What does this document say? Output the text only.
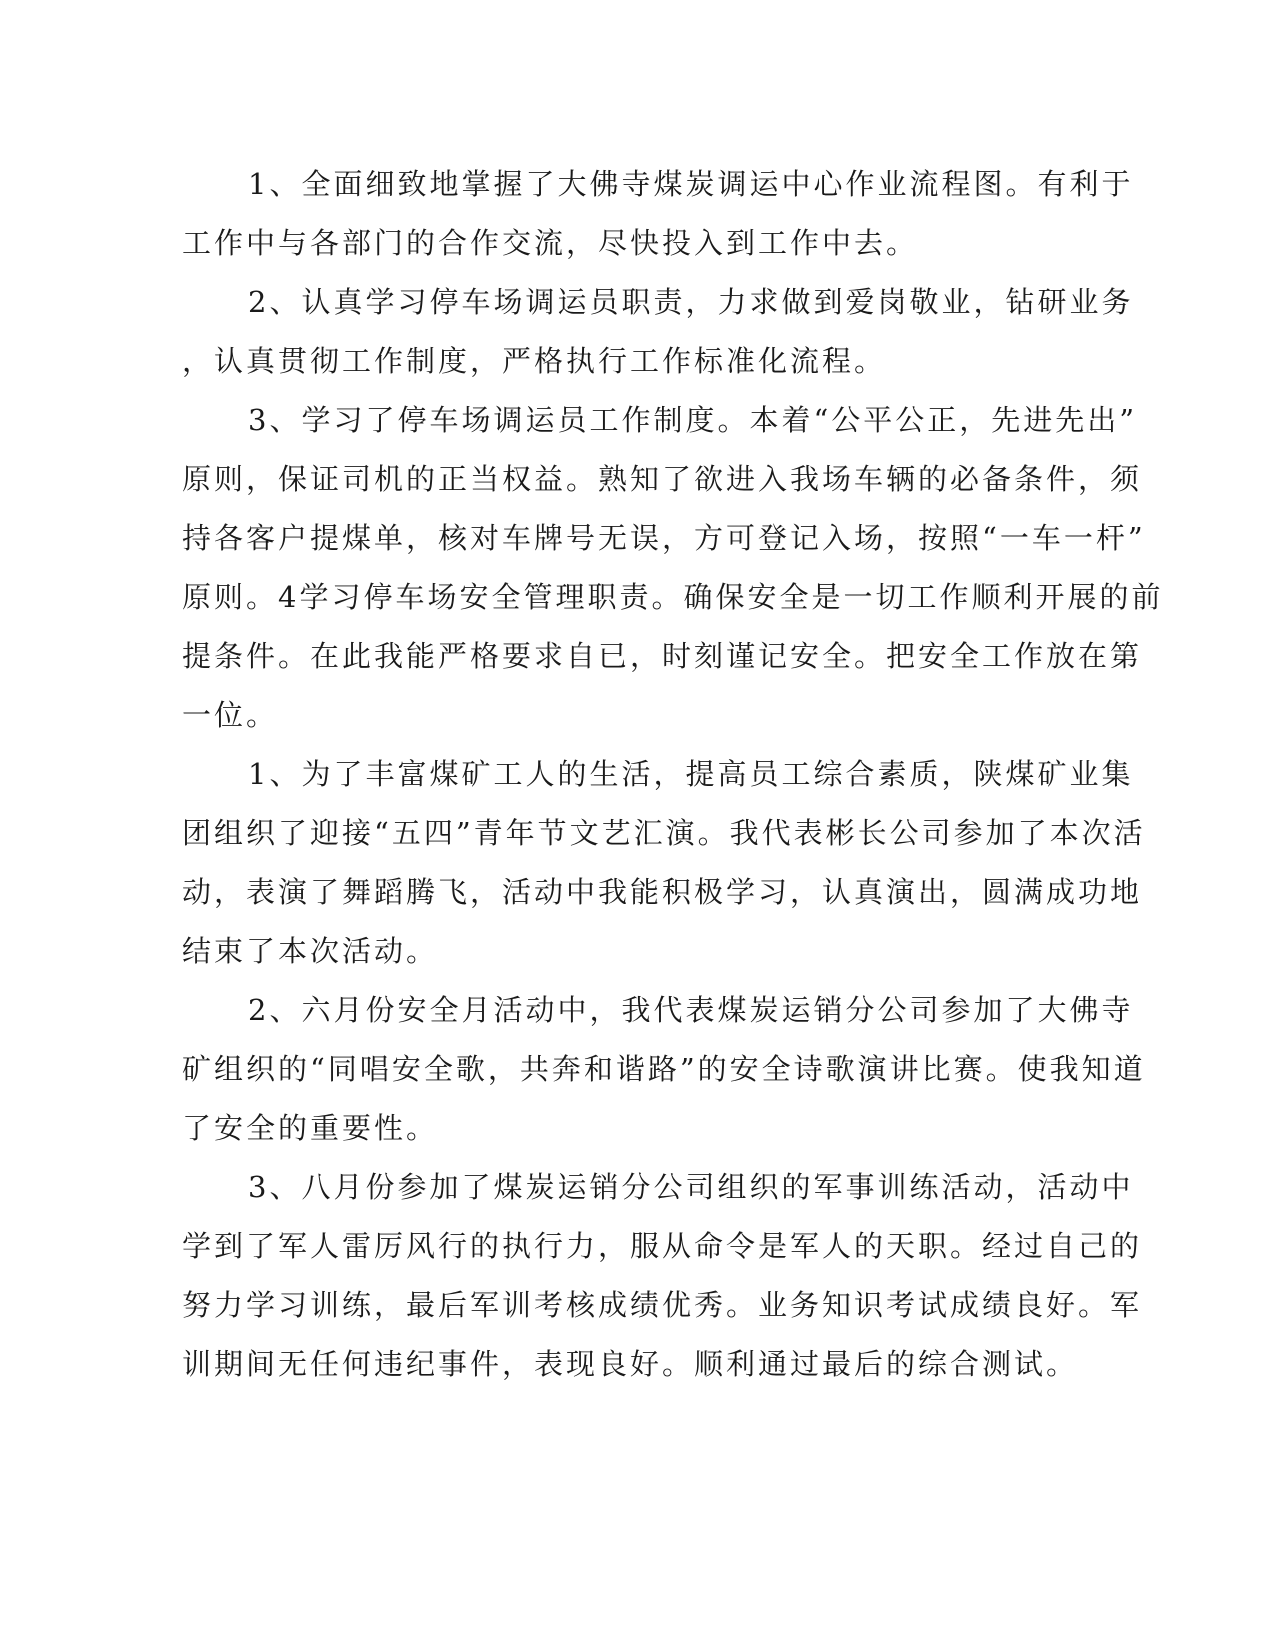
1、全面细致地掌握了大佛寺煤炭调运中心作业流程图。有利于
工作中与各部门的合作交流，尽快投入到工作中去。
2、认真学习停车场调运员职责，力求做到爱岗敬业，钻研业务
，认真贯彻工作制度，严格执行工作标准化流程。
3、学习了停车场调运员工作制度。本着“公平公正，先进先出”
原则，保证司机的正当权益。熟知了欲进入我场车辆的必备条件，须
持各客户提煤单，核对车牌号无误，方可登记入场，按照“一车一杆”
原则。4学习停车场安全管理职责。确保安全是一切工作顺利开展的前
提条件。在此我能严格要求自已，时刻谨记安全。把安全工作放在第
一位。
1、为了丰富煤矿工人的生活，提高员工综合素质，陕煤矿业集
团组织了迎接“五四”青年节文艺汇演。我代表彬长公司参加了本次活
动，表演了舞蹈腾飞，活动中我能积极学习，认真演出，圆满成功地
结束了本次活动。
2、六月份安全月活动中，我代表煤炭运销分公司参加了大佛寺
矿组织的“同唱安全歌，共奔和谐路”的安全诗歌演讲比赛。使我知道
了安全的重要性。
3、八月份参加了煤炭运销分公司组织的军事训练活动，活动中
学到了军人雷厉风行的执行力，服从命令是军人的天职。经过自己的
努力学习训练，最后军训考核成绩优秀。业务知识考试成绩良好。军
训期间无任何违纪事件，表现良好。顺利通过最后的综合测试。
